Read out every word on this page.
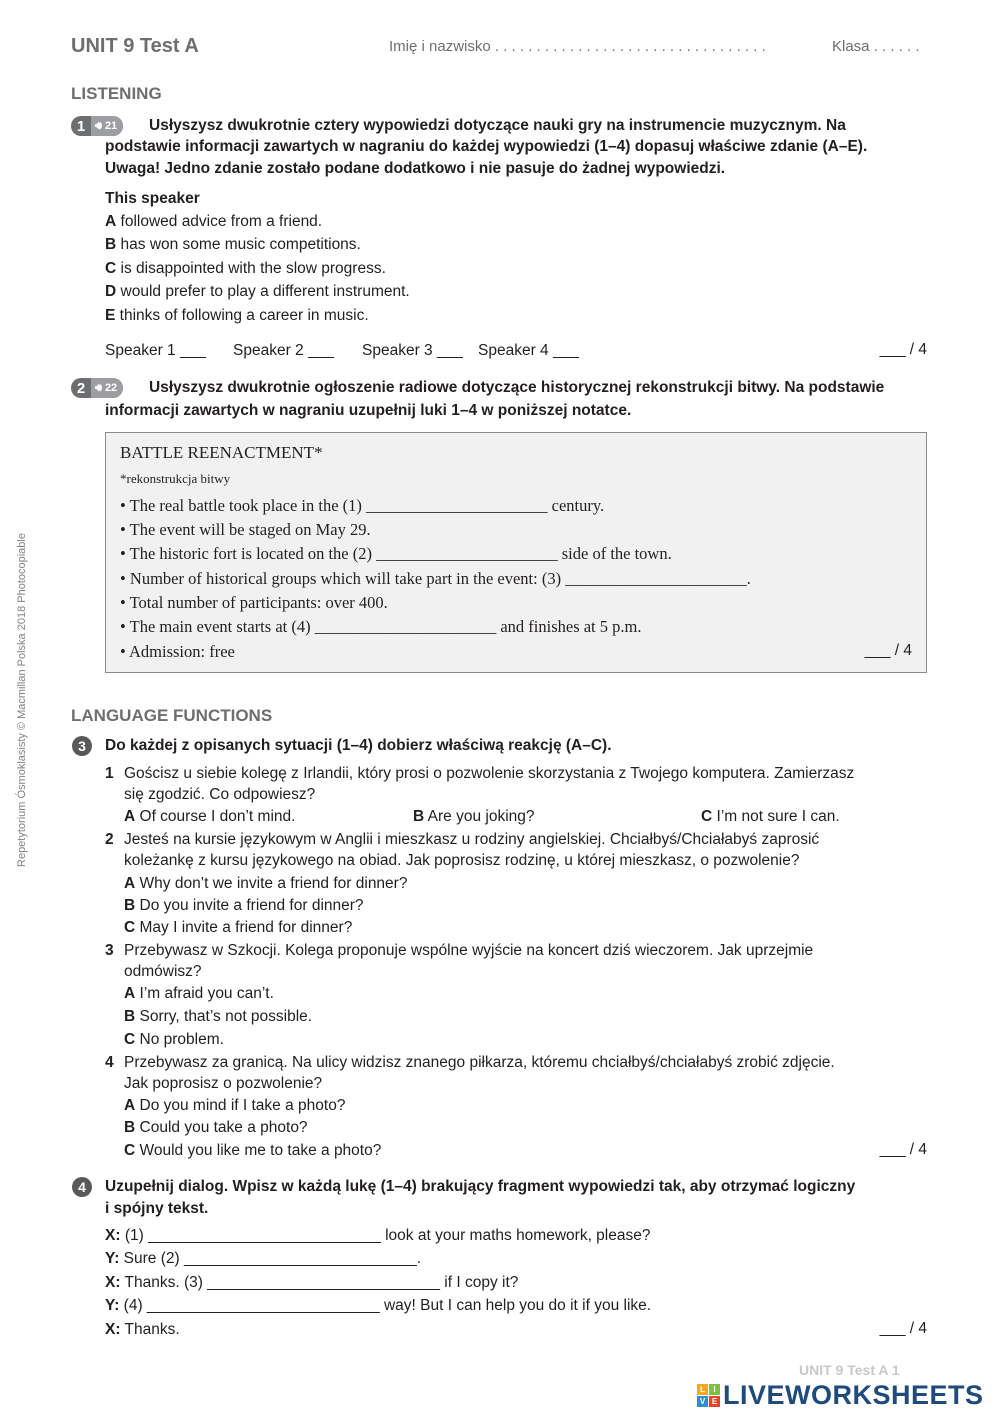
Repetytorium Ósmoklasisty © Macmillan Polska 2018 Photocopiable
UNIT 9 Test A	Imię i nazwisko . . . . . . . . . . . . . . . . . . . . . . . . . . . . . . . . .	Klasa . . . . . .
LISTENING
1 🔊︎ 21 Usłyszysz dwukrotnie cztery wypowiedzi dotyczące nauki gry na instrumencie muzycznym. Na
podstawie informacji zawartych w nagraniu do każdej wypowiedzi (1–4) dopasuj właściwe zdanie (A–E).
Uwaga! Jedno zdanie zostało podane dodatkowo i nie pasuje do żadnej wypowiedzi.
This speaker
A followed advice from a friend.
B has won some music competitions.
C is disappointed with the slow progress.
D would prefer to play a different instrument.
E thinks of following a career in music.
Speaker 1 ___ Speaker 2 ___ Speaker 3 ___ Speaker 4 ___	___ / 4
2 🔊︎ 22 Usłyszysz dwukrotnie ogłoszenie radiowe dotyczące historycznej rekonstrukcji bitwy. Na podstawie
informacji zawartych w nagraniu uzupełnij luki 1–4 w poniższej notatce.
BATTLE REENACTMENT*
*rekonstrukcja bitwy
• The real battle took place in the (1) ______________________ century.
• The event will be staged on May 29.
• The historic fort is located on the (2) ______________________ side of the town.
• Number of historical groups which will take part in the event: (3) ______________________.
• Total number of participants: over 400.
• The main event starts at (4) ______________________ and finishes at 5 p.m.
• Admission: free	___ / 4
LANGUAGE FUNCTIONS
3	Do każdej z opisanych sytuacji (1–4) dobierz właściwą reakcję (A–C).
1 Gościsz u siebie kolegę z Irlandii, który prosi o pozwolenie skorzystania z Twojego komputera. Zamierzasz
się zgodzić. Co odpowiesz?
A Of course I don’t mind.	B Are you joking?	C I’m not sure I can.
2 Jesteś na kursie językowym w Anglii i mieszkasz u rodziny angielskiej. Chciałbyś/Chciałabyś zaprosić
koleżankę z kursu językowego na obiad. Jak poprosisz rodzinę, u której mieszkasz, o pozwolenie?
A Why don’t we invite a friend for dinner?
B Do you invite a friend for dinner?
C May I invite a friend for dinner?
3 Przebywasz w Szkocji. Kolega proponuje wspólne wyjście na koncert dziś wieczorem. Jak uprzejmie
odmówisz?
A I’m afraid you can’t.
B Sorry, that’s not possible.
C No problem.
4 Przebywasz za granicą. Na ulicy widzisz znanego piłkarza, któremu chciałbyś/chciałabyś zrobić zdjęcie.
Jak poprosisz o pozwolenie?
A Do you mind if I take a photo?
B Could you take a photo?
C Would you like me to take a photo?	___ / 4
4	Uzupełnij dialog. Wpisz w każdą lukę (1–4) brakujący fragment wypowiedzi tak, aby otrzymać logiczny
i spójny tekst.
X: (1) ___________________________ look at your maths homework, please?
Y: Sure (2) ___________________________.
X: Thanks. (3) ___________________________ if I copy it?
Y: (4) ___________________________ way! But I can help you do it if you like.
X: Thanks.	___ / 4
UNIT 9 Test A 1
L	I
V E LIVEWORKSHEETS
